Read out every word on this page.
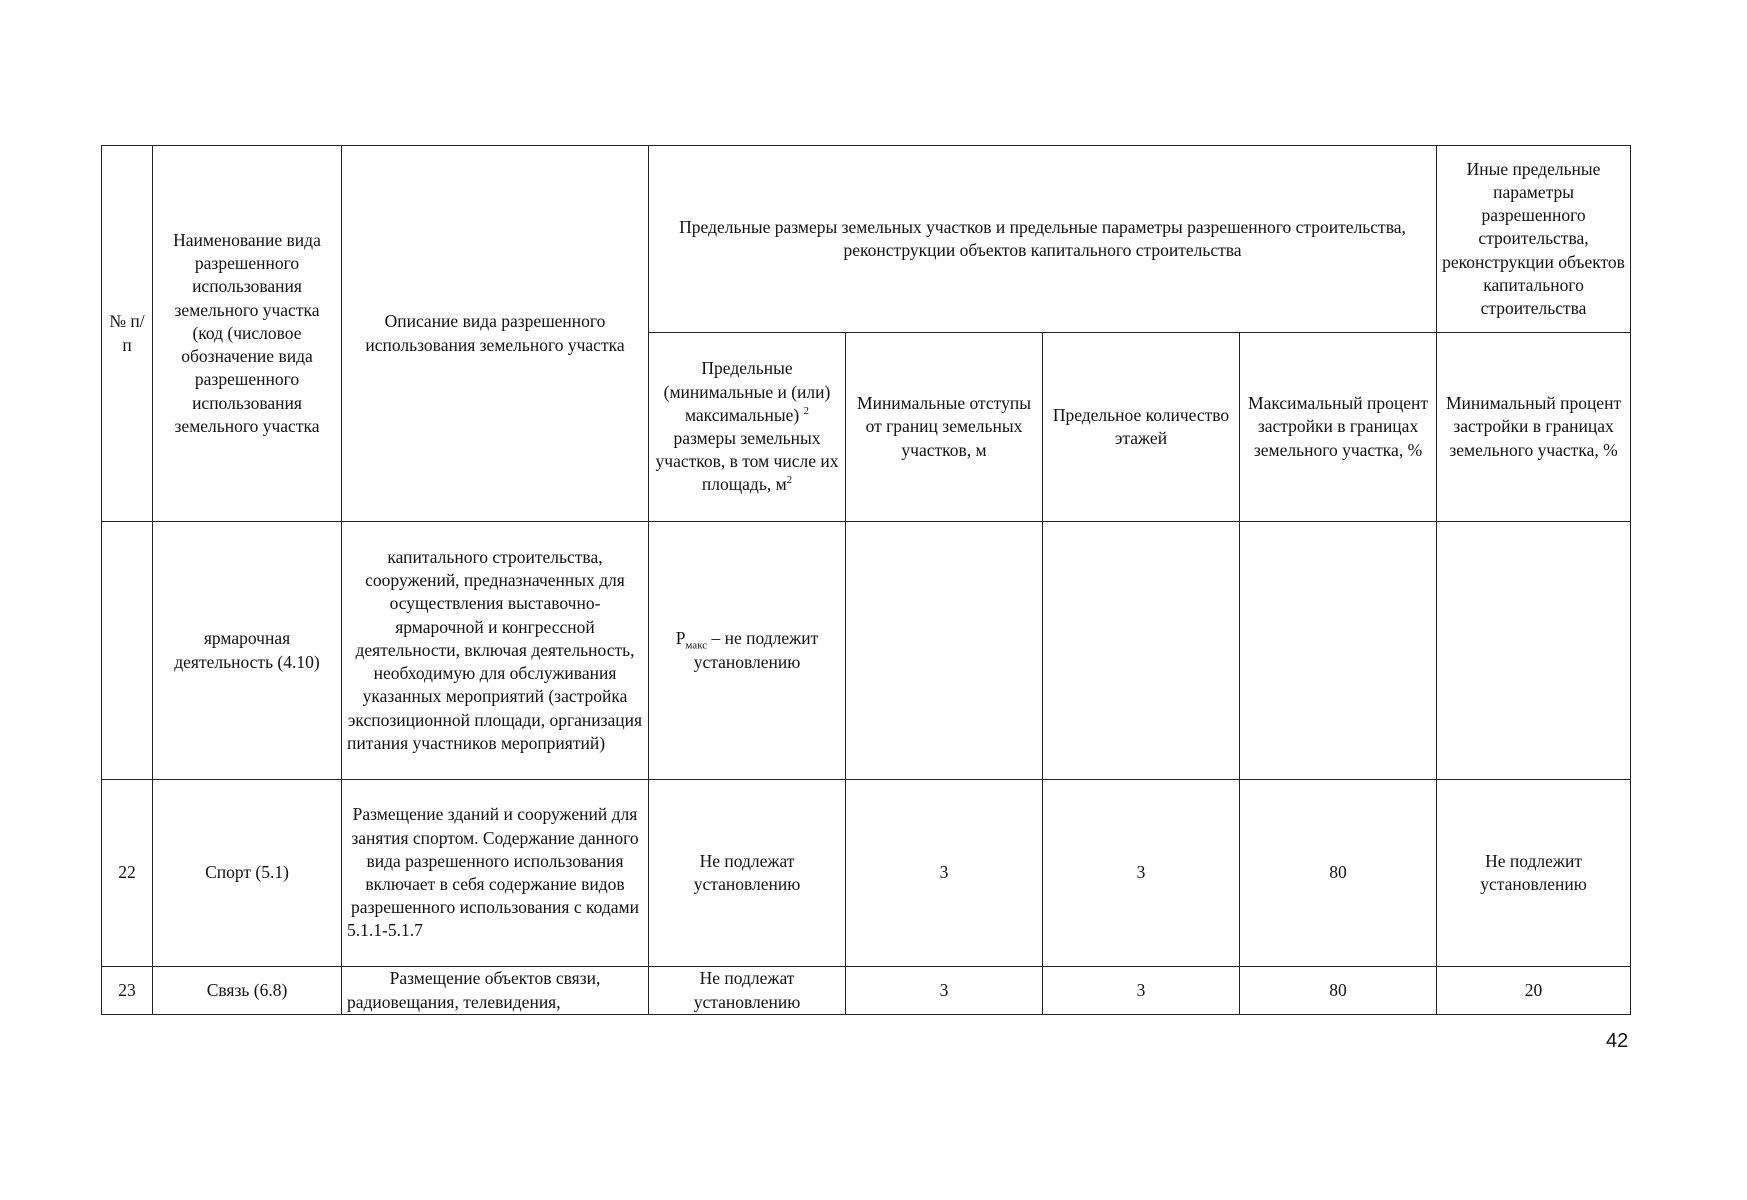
№ п/п	Наименование вида разрешенного использования земельного участка (код (числовое обозначение вида разрешенного использования земельного участка	Описание вида разрешенного использования земельного участка	Предельные размеры земельных участков и предельные параметры разрешенного строительства, реконструкции объектов капитального строительства				Иные предельные параметры разрешенного строительства, реконструкции объектов капитального строительства
			Предельные (минимальные и (или) максимальные) $^2$ размеры земельных участков, в том числе их площадь, $м^2$	Минимальные отступы от границ земельных участков, м	Предельное количество этажей	Максимальный процент застройки в границах земельного участка, %	Минимальный процент застройки в границах земельного участка, %
	ярмарочная деятельность (4.10)	капитального строительства, сооружений, предназначенных для осуществления выставочно-ярмарочной и конгрессной деятельности, включая деятельность, необходимую для обслуживания указанных мероприятий (застройка экспозиционной площади, организация питания участников мероприятий)	$Р_{макс}$ – не подлежит установлению				
22	Спорт (5.1)	Размещение зданий и сооружений для занятия спортом. Содержание данного вида разрешенного использования включает в себя содержание видов разрешенного использования с кодами 5.1.1-5.1.7	Не подлежат установлению	3	3	80	Не подлежит установлению
23	Связь (6.8)	Размещение объектов связи, радиовещания, телевидения,	Не подлежат установлению	3	3	80	20
42
